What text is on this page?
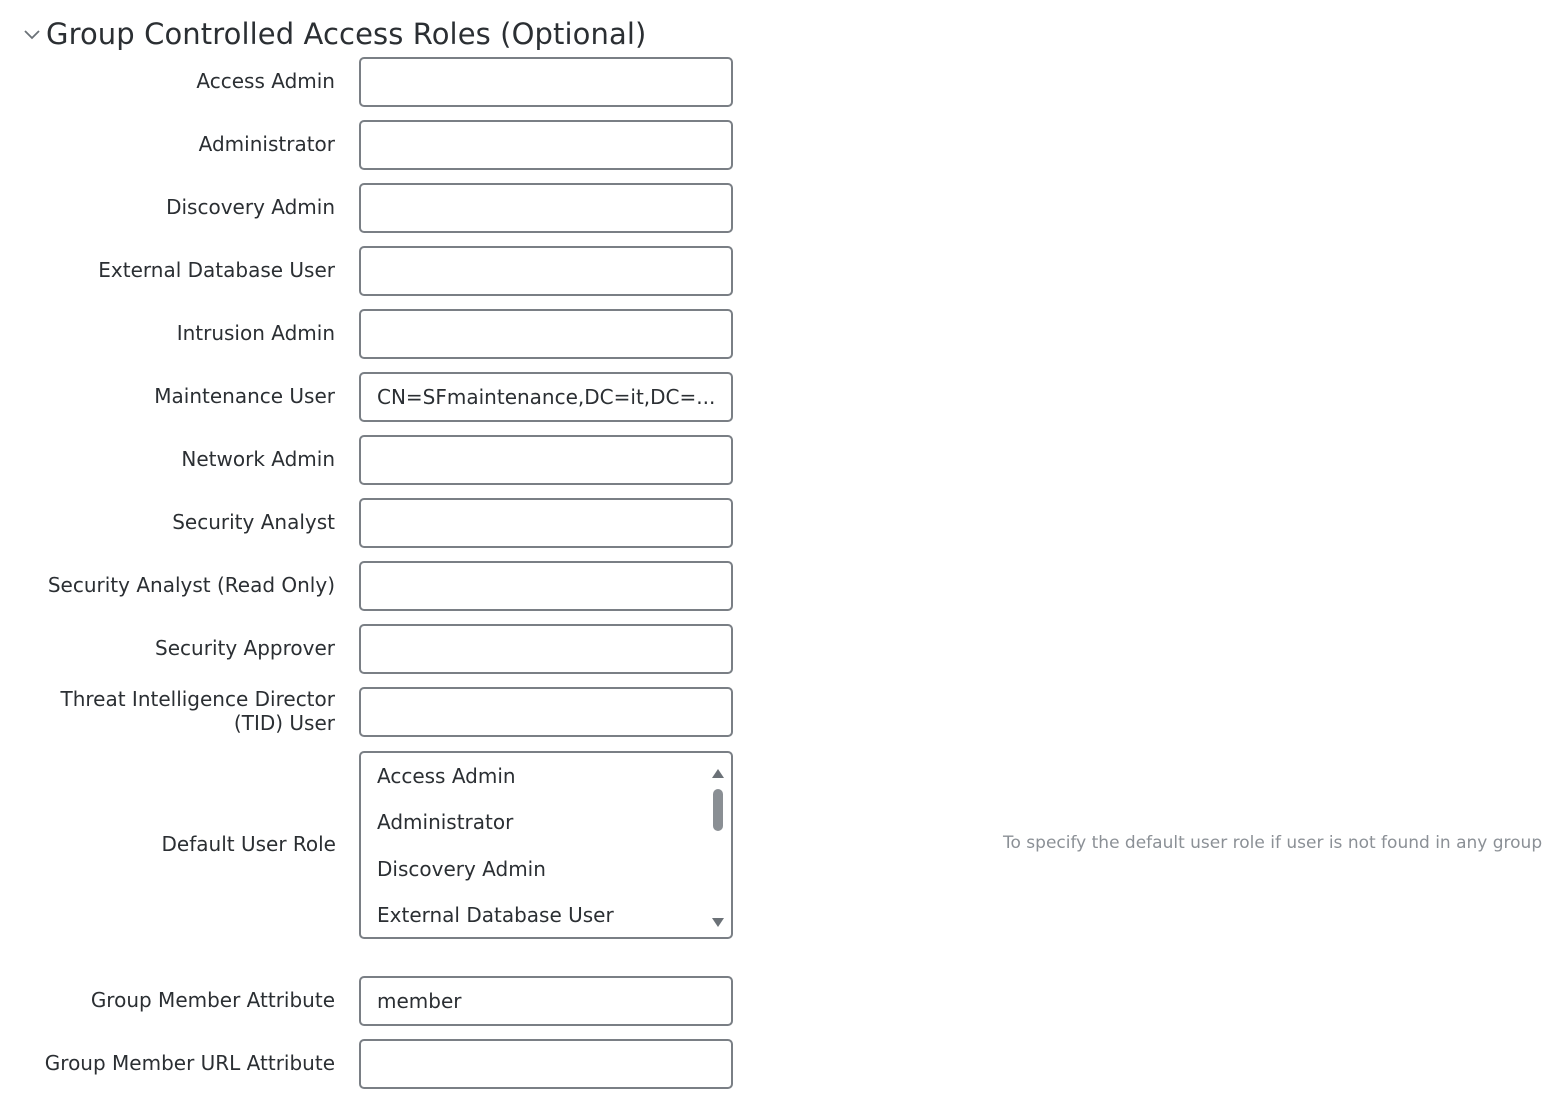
Group Controlled Access Roles (Optional)
Access Admin
Administrator
Discovery Admin
External Database User
Intrusion Admin
Maintenance User
CN=SFmaintenance,DC=it,DC=...
Network Admin
Security Analyst
Security Analyst (Read Only)
Security Approver
Threat Intelligence Director
(TID) User
Default User Role
Access Admin
Administrator
Discovery Admin
External Database User
To specify the default user role if user is not found in any group
Group Member Attribute
member
Group Member URL Attribute
